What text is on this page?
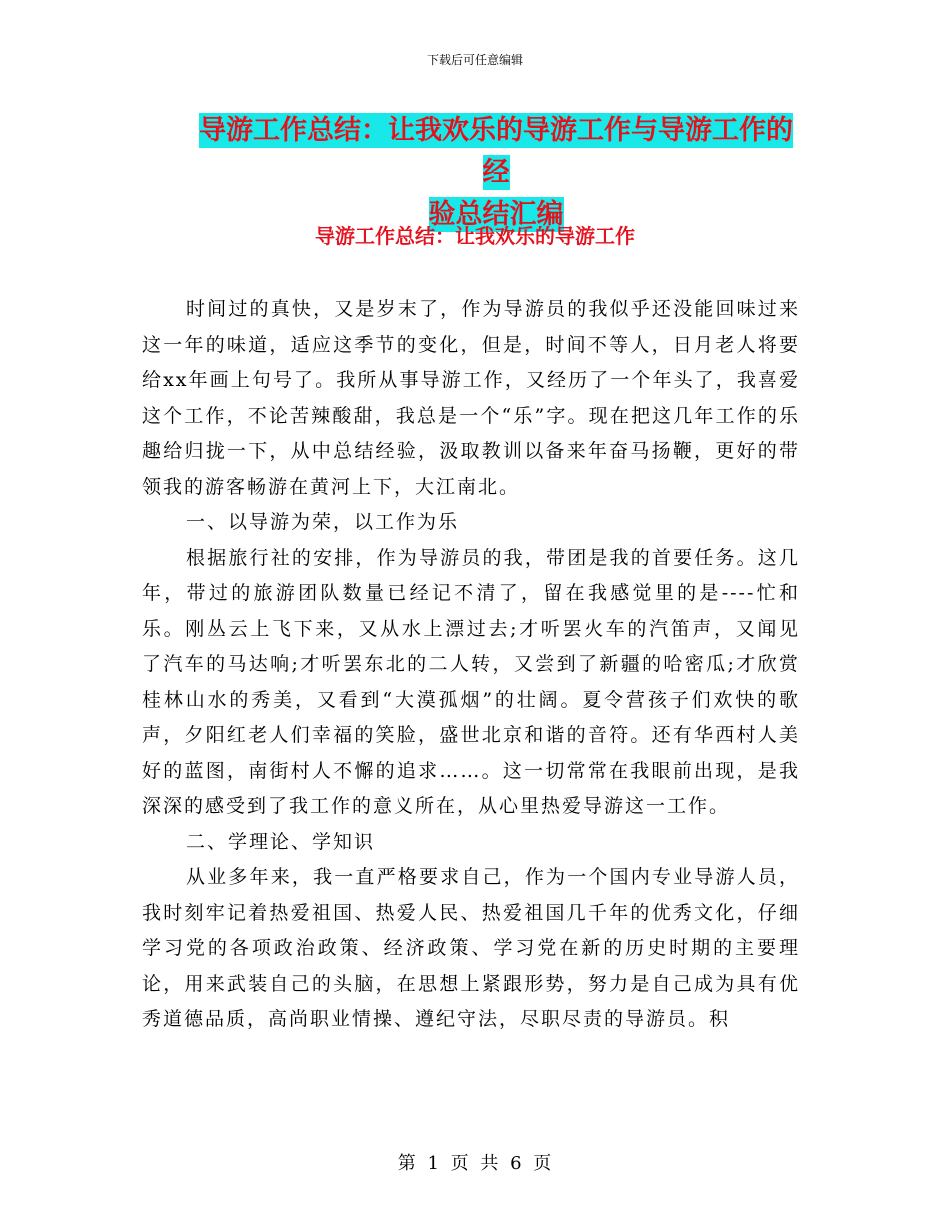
下载后可任意编辑
导游工作总结：让我欢乐的导游工作与导游工作的经
验总结汇编
导游工作总结：让我欢乐的导游工作

时间过的真快，又是岁末了，作为导游员的我似乎还没能回味过来这一年的味道，适应这季节的变化，但是，时间不等人，日月老人将要给xx年画上句号了。我所从事导游工作，又经历了一个年头了，我喜爱这个工作，不论苦辣酸甜，我总是一个“乐”字。现在把这几年工作的乐趣给归拢一下，从中总结经验，汲取教训以备来年奋马扬鞭，更好的带领我的游客畅游在黄河上下，大江南北。

一、以导游为荣，以工作为乐

根据旅行社的安排，作为导游员的我，带团是我的首要任务。这几年，带过的旅游团队数量已经记不清了，留在我感觉里的是----忙和乐。刚丛云上飞下来，又从水上漂过去;才听罢火车的汽笛声，又闻见了汽车的马达响;才听罢东北的二人转，又尝到了新疆的哈密瓜;才欣赏桂林山水的秀美，又看到“大漠孤烟”的壮阔。夏令营孩子们欢快的歌声，夕阳红老人们幸福的笑脸，盛世北京和谐的音符。还有华西村人美好的蓝图，南街村人不懈的追求……。这一切常常在我眼前出现，是我深深的感受到了我工作的意义所在，从心里热爱导游这一工作。

二、学理论、学知识

从业多年来，我一直严格要求自己，作为一个国内专业导游人员，我时刻牢记着热爱祖国、热爱人民、热爱祖国几千年的优秀文化，仔细学习党的各项政治政策、经济政策、学习党在新的历史时期的主要理论，用来武装自己的头脑，在思想上紧跟形势，努力是自己成为具有优秀道德品质，高尚职业情操、遵纪守法，尽职尽责的导游员。积

第 1 页 共 6 页
